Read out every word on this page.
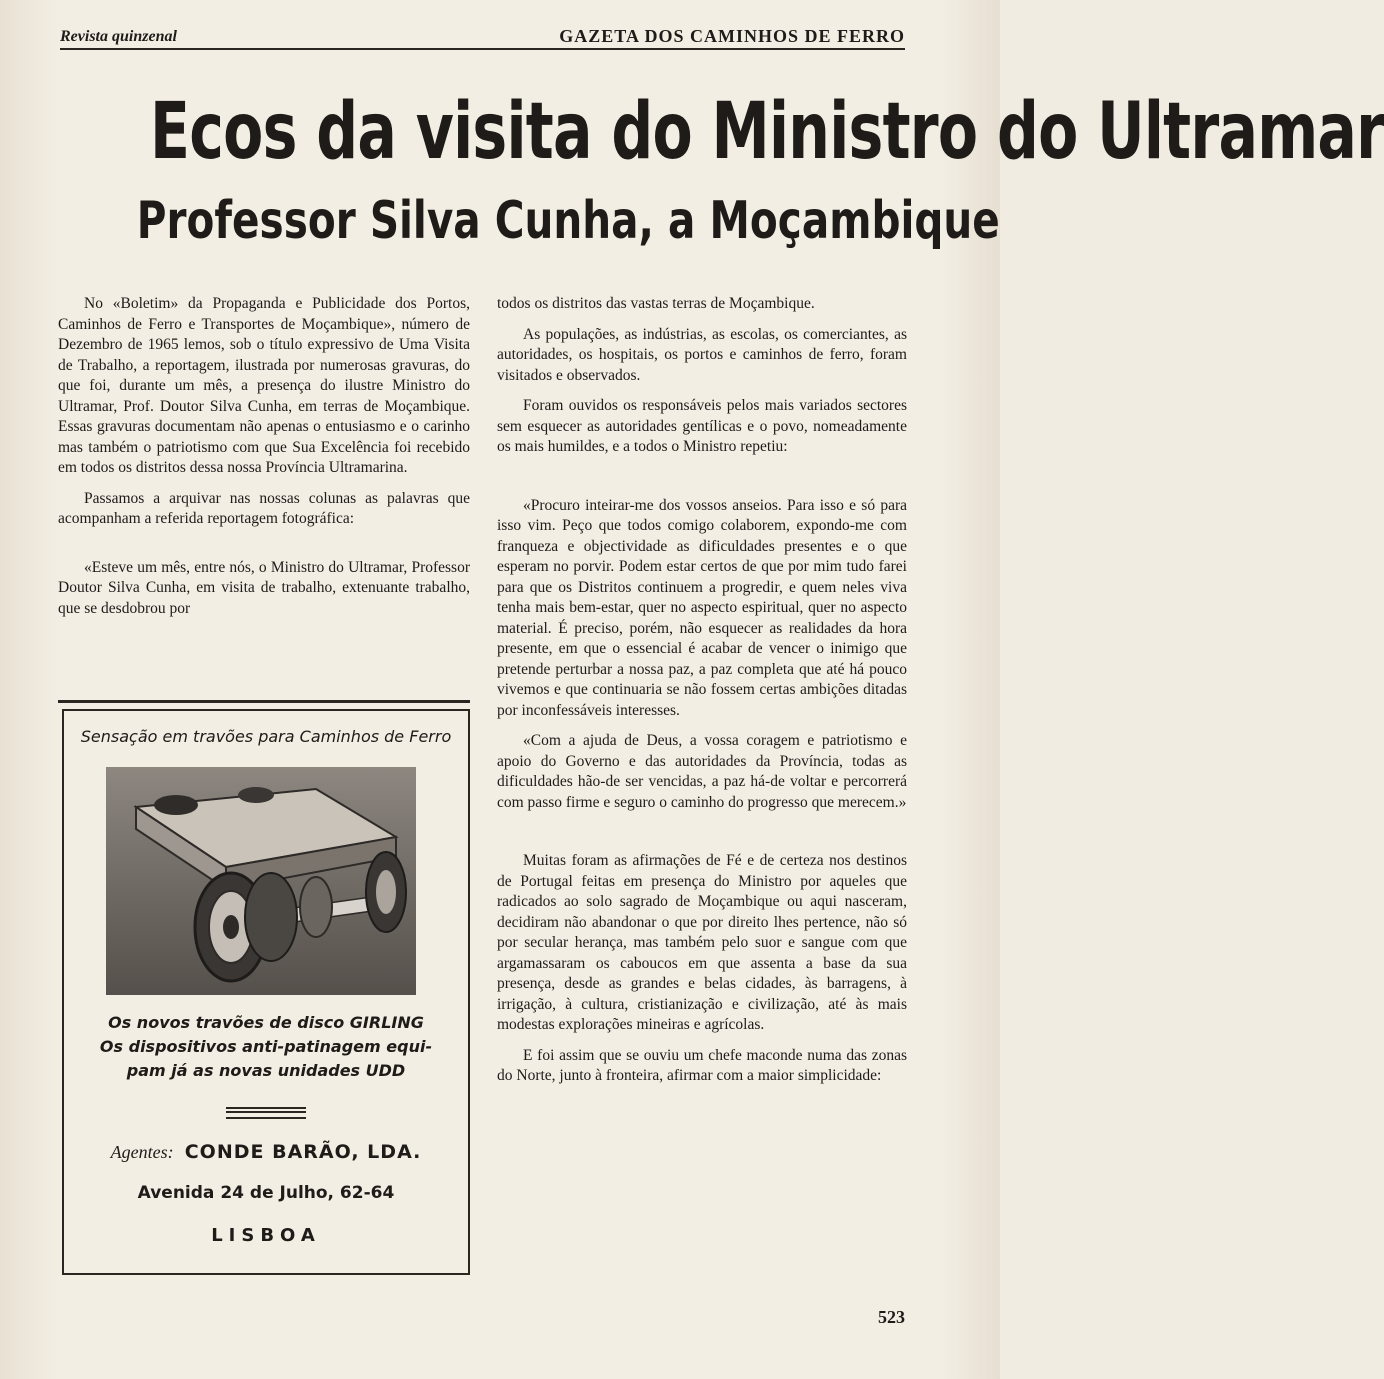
Revista quinzenal	GAZETA DOS CAMINHOS DE FERRO
Ecos da visita do Ministro do Ultramar
Professor Silva Cunha, a Moçambique

No «Boletim» da Propaganda e Publicidade dos Portos, Caminhos de Ferro e Transportes de Moçambique», número de Dezembro de 1965 lemos, sob o título expressivo de Uma Visita de Trabalho, a reportagem, ilustrada por numerosas gravuras, do que foi, durante um mês, a presença do ilustre Ministro do Ultramar, Prof. Doutor Silva Cunha, em terras de Moçambique. Essas gravuras documentam não apenas o entusiasmo e o carinho mas também o patriotismo com que Sua Excelência foi recebido em todos os distritos dessa nossa Província Ultramarina.

Passamos a arquivar nas nossas colunas as palavras que acompanham a referida reportagem fotográfica:

«Esteve um mês, entre nós, o Ministro do Ultramar, Professor Doutor Silva Cunha, em visita de trabalho, extenuante trabalho, que se desdobrou por

todos os distritos das vastas terras de Moçambique.

As populações, as indústrias, as escolas, os comerciantes, as autoridades, os hospitais, os portos e caminhos de ferro, foram visitados e observados.

Foram ouvidos os responsáveis pelos mais variados sectores sem esquecer as autoridades gentílicas e o povo, nomeadamente os mais humildes, e a todos o Ministro repetiu:

«Procuro inteirar-me dos vossos anseios. Para isso e só para isso vim. Peço que todos comigo colaborem, expondo-me com franqueza e objectividade as dificuldades presentes e o que esperam no porvir. Podem estar certos de que por mim tudo farei para que os Distritos continuem a progredir, e quem neles viva tenha mais bem-estar, quer no aspecto espiritual, quer no aspecto material. É preciso, porém, não esquecer as realidades da hora presente, em que o essencial é acabar de vencer o inimigo que pretende perturbar a nossa paz, a paz completa que até há pouco vivemos e que continuaria se não fossem certas ambições ditadas por inconfessáveis interesses.

«Com a ajuda de Deus, a vossa coragem e patriotismo e apoio do Governo e das autoridades da Província, todas as dificuldades hão-de ser vencidas, a paz há-de voltar e percorrerá com passo firme e seguro o caminho do progresso que merecem.»

Muitas foram as afirmações de Fé e de certeza nos destinos de Portugal feitas em presença do Ministro por aqueles que radicados ao solo sagrado de Moçambique ou aqui nasceram, decidiram não abandonar o que por direito lhes pertence, não só por secular herança, mas também pelo suor e sangue com que argamassaram os caboucos em que assenta a base da sua presença, desde as grandes e belas cidades, às barragens, à irrigação, à cultura, cristianização e civilização, até às mais modestas explorações mineiras e agrícolas.

E foi assim que se ouviu um chefe maconde numa das zonas do Norte, junto à fronteira, afirmar com a maior simplicidade:

Sensação em travões para Caminhos de Ferro
Os novos travões de disco GIRLING
Os dispositivos anti-patinagem equi-
pam já as novas unidades UDD
Agentes: CONDE BARÃO, LDA.
Avenida 24 de Julho, 62-64
LISBOA
523
